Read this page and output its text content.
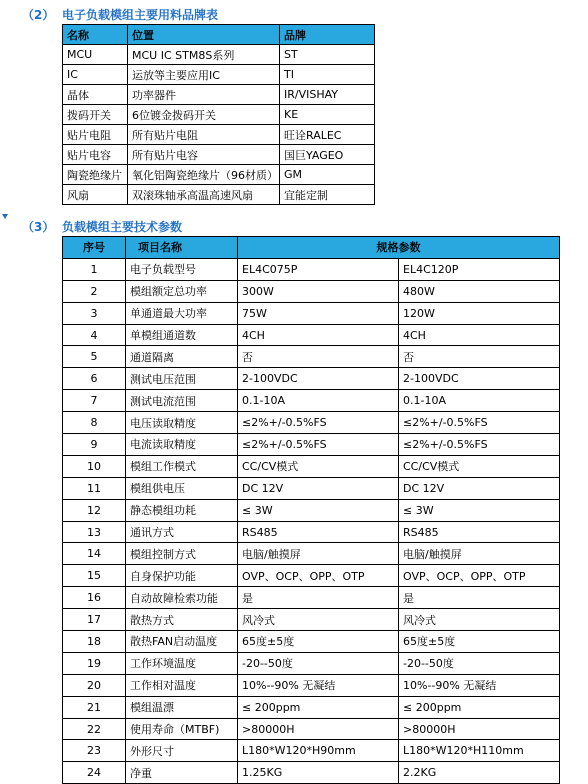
（2） 电子负载模组主要用料品牌表
名称	位置	品牌
MCU	MCU IC STM8S系列	ST
IC	运放等主要应用IC	TI
晶体	功率器件	IR/VISHAY
拨码开关	6位镀金拨码开关	KE
贴片电阻	所有贴片电阻	旺诠RALEC
贴片电容	所有贴片电容	国巨YAGEO
陶瓷绝缘片	氧化铝陶瓷绝缘片（96材质）	GM
风扇	双滚珠轴承高温高速风扇	宜能定制
（3） 负载模组主要技术参数
序号	项目名称	规格参数	
1	电子负载型号	EL4C075P	EL4C120P
2	模组额定总功率	300W	480W
3	单通道最大功率	75W	120W
4	单模组通道数	4CH	4CH
5	通道隔离	否	否
6	测试电压范围	2-100VDC	2-100VDC
7	测试电流范围	0.1-10A	0.1-10A
8	电压读取精度	≤2%+/-0.5%FS	≤2%+/-0.5%FS
9	电流读取精度	≤2%+/-0.5%FS	≤2%+/-0.5%FS
10	模组工作模式	CC/CV模式	CC/CV模式
11	模组供电压	DC 12V	DC 12V
12	静态模组功耗	≤ 3W	≤ 3W
13	通讯方式	RS485	RS485
14	模组控制方式	电脑/触摸屏	电脑/触摸屏
15	自身保护功能	OVP、OCP、OPP、OTP	OVP、OCP、OPP、OTP
16	自动故障检索功能	是	是
17	散热方式	风冷式	风冷式
18	散热FAN启动温度	65度±5度	65度±5度
19	工作环境温度	-20--50度	-20--50度
20	工作相对温度	10%--90% 无凝结	10%--90% 无凝结
21	模组温漂	≤ 200ppm	≤ 200ppm
22	使用寿命（MTBF)	>80000H	>80000H
23	外形尺寸	L180*W120*H90mm	L180*W120*H110mm
24	净重	1.25KG	2.2KG
